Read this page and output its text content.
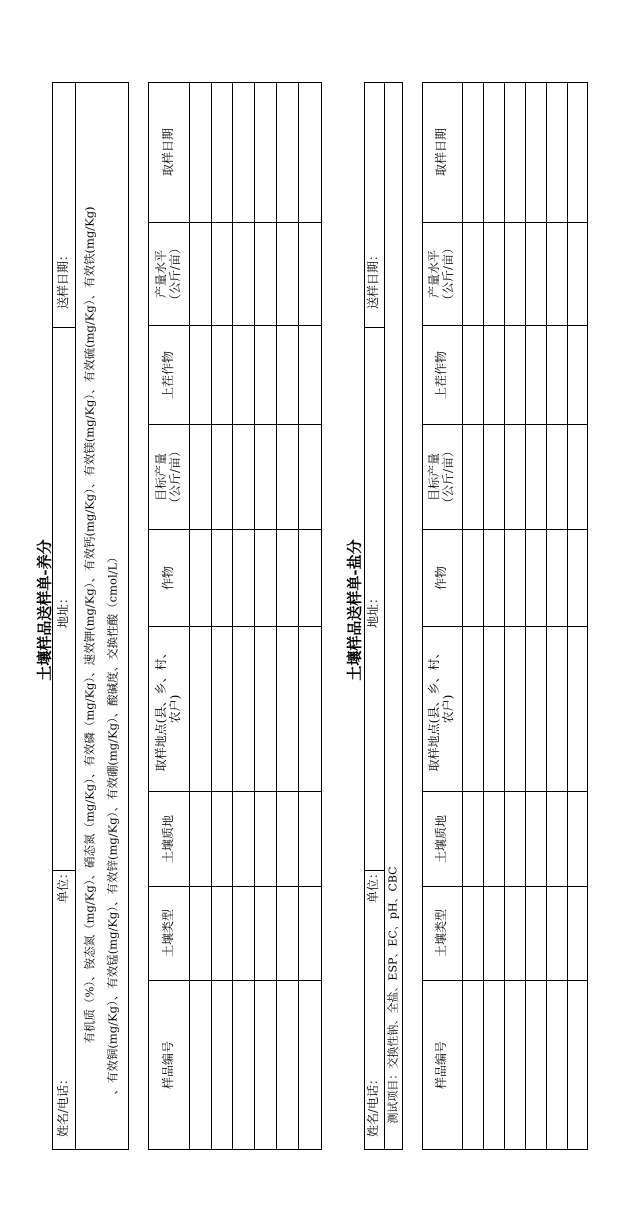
土壤样品送样单-养分
送样日期：
地址：
单位：
姓名/电话：
有机质（%）、铵态氮（mg/Kg）、硝态氮（mg/Kg）、有效磷（mg/Kg）、速效钾(mg/Kg）、有效钙(mg/Kg）、有效镁(mg/Kg）、有效硫(mg/Kg）、有效铁(mg/Kg) 、有效铜(mg/Kg）、有效锰(mg/Kg）、有效锌(mg/Kg）、有效硼(mg/Kg）、酸碱度、交换性酸（cmol/L）
取样日期
产量水平
（公斤/亩）
上茬作物
目标产量
（公斤/亩）
作物
取样地点(县、乡、村、
农户)
土壤质地
土壤类型
样品编号
土壤样品送样单-盐分
送样日期：
地址：
单位：
姓名/电话： 测试项目：交换性钠、全盐、ESP、EC、pH、CBC
取样日期
产量水平
（公斤/亩）
上茬作物
目标产量
（公斤/亩）
作物
取样地点(县、乡、村、
农户)
土壤质地
土壤类型
样品编号
